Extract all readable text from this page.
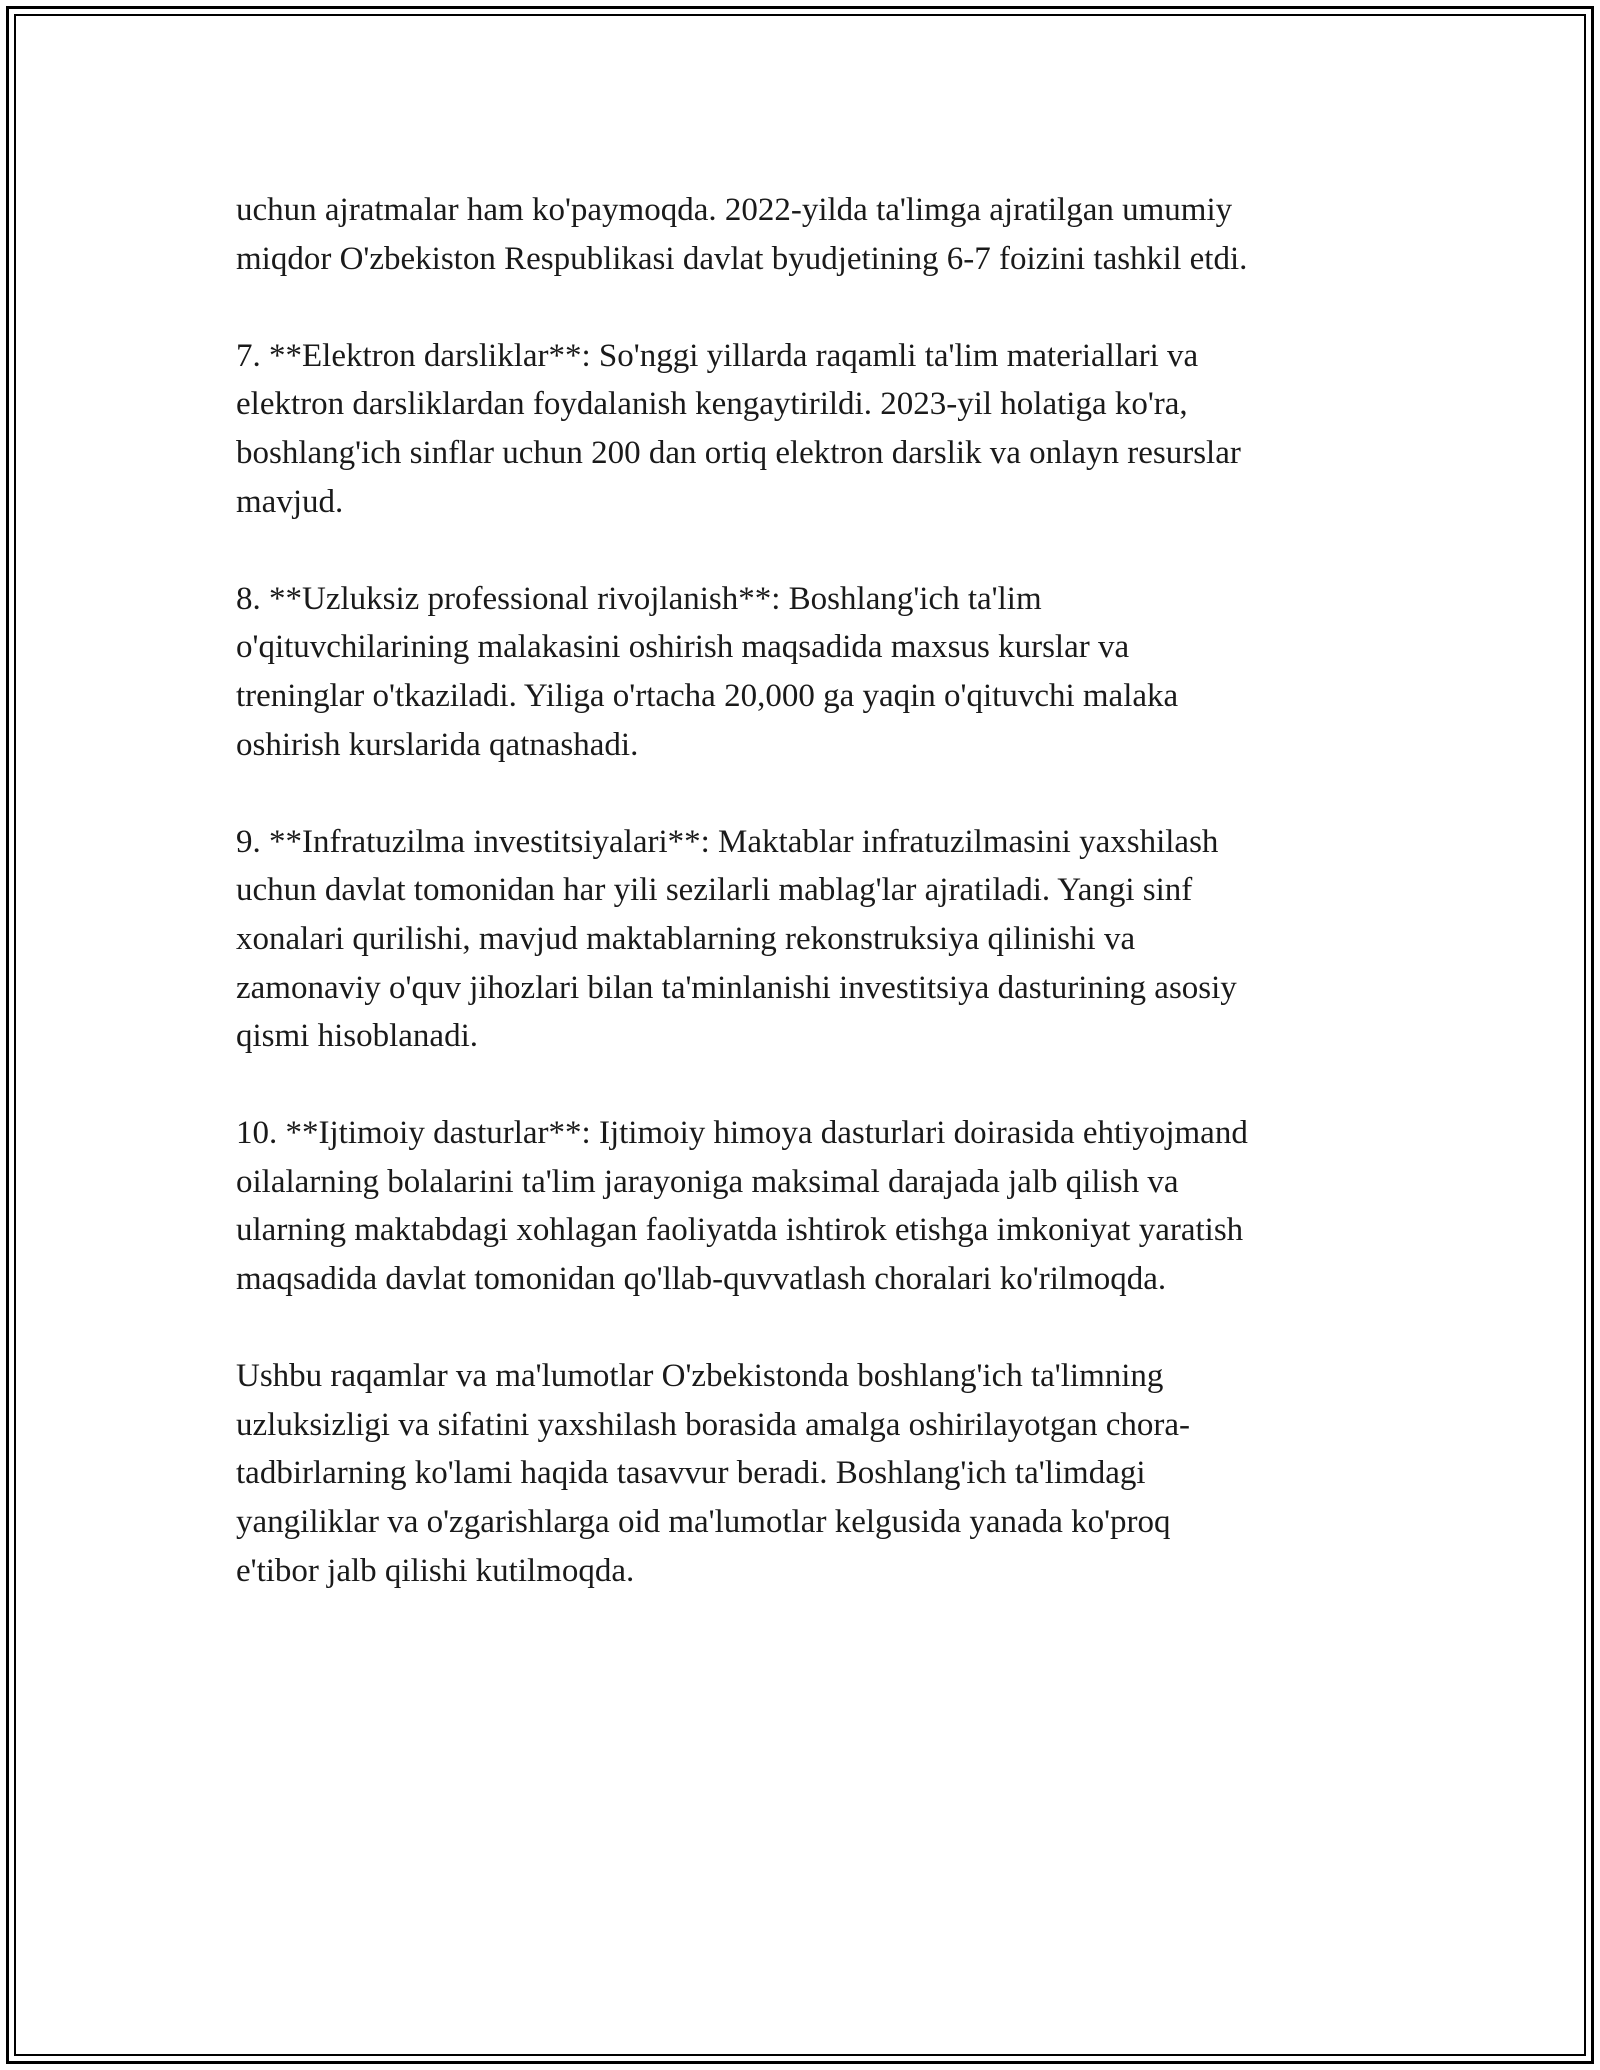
uchun ajratmalar ham ko'paymoqda. 2022-yilda ta'limga ajratilgan umumiy
miqdor O'zbekiston Respublikasi davlat byudjetining 6-7 foizini tashkil etdi.

7. **Elektron darsliklar**: So'nggi yillarda raqamli ta'lim materiallari va
elektron darsliklardan foydalanish kengaytirildi. 2023-yil holatiga ko'ra,
boshlang'ich sinflar uchun 200 dan ortiq elektron darslik va onlayn resurslar
mavjud.

8. **Uzluksiz professional rivojlanish**: Boshlang'ich ta'lim
o'qituvchilarining malakasini oshirish maqsadida maxsus kurslar va
treninglar o'tkaziladi. Yiliga o'rtacha 20,000 ga yaqin o'qituvchi malaka
oshirish kurslarida qatnashadi.

9. **Infratuzilma investitsiyalari**: Maktablar infratuzilmasini yaxshilash
uchun davlat tomonidan har yili sezilarli mablag'lar ajratiladi. Yangi sinf
xonalari qurilishi, mavjud maktablarning rekonstruksiya qilinishi va
zamonaviy o'quv jihozlari bilan ta'minlanishi investitsiya dasturining asosiy
qismi hisoblanadi.

10. **Ijtimoiy dasturlar**: Ijtimoiy himoya dasturlari doirasida ehtiyojmand
oilalarning bolalarini ta'lim jarayoniga maksimal darajada jalb qilish va
ularning maktabdagi xohlagan faoliyatda ishtirok etishga imkoniyat yaratish
maqsadida davlat tomonidan qo'llab-quvvatlash choralari ko'rilmoqda.

Ushbu raqamlar va ma'lumotlar O'zbekistonda boshlang'ich ta'limning
uzluksizligi va sifatini yaxshilash borasida amalga oshirilayotgan chora-
tadbirlarning ko'lami haqida tasavvur beradi. Boshlang'ich ta'limdagi
yangiliklar va o'zgarishlarga oid ma'lumotlar kelgusida yanada ko'proq
e'tibor jalb qilishi kutilmoqda.
